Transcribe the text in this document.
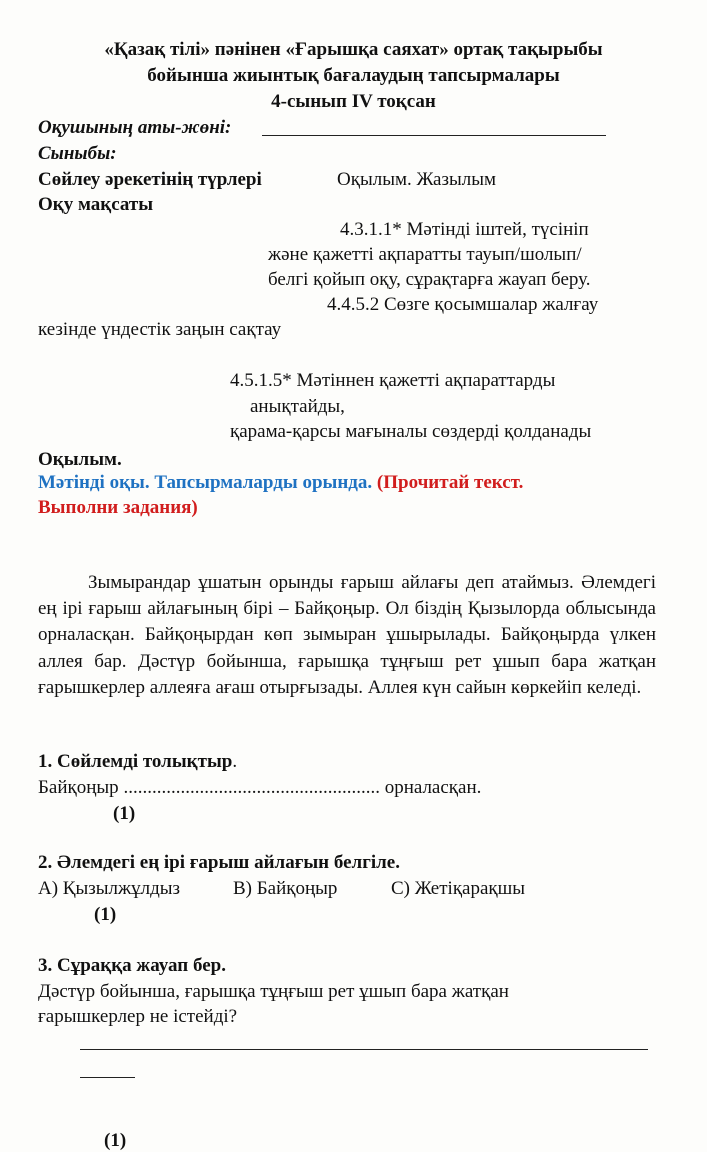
«Қазақ тілі» пәнінен «Ғарышқа саяхат» ортақ тақырыбы
бойынша жиынтық бағалаудың тапсырмалары
4-сынып IV тоқсан
Оқушының аты-жөні:
Сыныбы:
Сөйлеу әрекетінің түрлері	Оқылым. Жазылым
Оқу мақсаты
4.3.1.1* Мәтінді іштей, түсініп
және қажетті ақпаратты тауып/шолып/
белгі қойып оқу, сұрақтарға жауап беру.
4.4.5.2 Сөзге қосымшалар жалғау
кезінде үндестік заңын сақтау
4.5.1.5* Мәтіннен қажетті ақпараттарды
анықтайды,
қарама-қарсы мағыналы сөздерді қолданады
Оқылым.
Мәтінді оқы. Тапсырмаларды орында. (Прочитай текст.
Выполни задания)
Зымырандар ұшатын орынды ғарыш айлағы деп атаймыз. Әлемдегі ең ірі ғарыш айлағының бірі – Байқоңыр. Ол біздің Қызылорда облысында орналасқан. Байқоңырдан көп зымыран ұшырылады. Байқоңырда үлкен аллея бар. Дәстүр бойынша, ғарышқа тұңғыш рет ұшып бара жатқан ғарышкерлер аллеяға ағаш отырғызады. Аллея күн сайын көркейіп келеді.
1. Сөйлемді толықтыр.
Байқоңыр ...................................................... орналасқан.
(1)
2. Әлемдегі ең ірі ғарыш айлағын белгіле.
A) Қызылжұлдыз	B) Байқоңыр	C) Жетіқарақшы
(1)
3. Сұраққа жауап бер.
Дәстүр бойынша, ғарышқа тұңғыш рет ұшып бара жатқан
ғарышкерлер не істейді?
(1)
